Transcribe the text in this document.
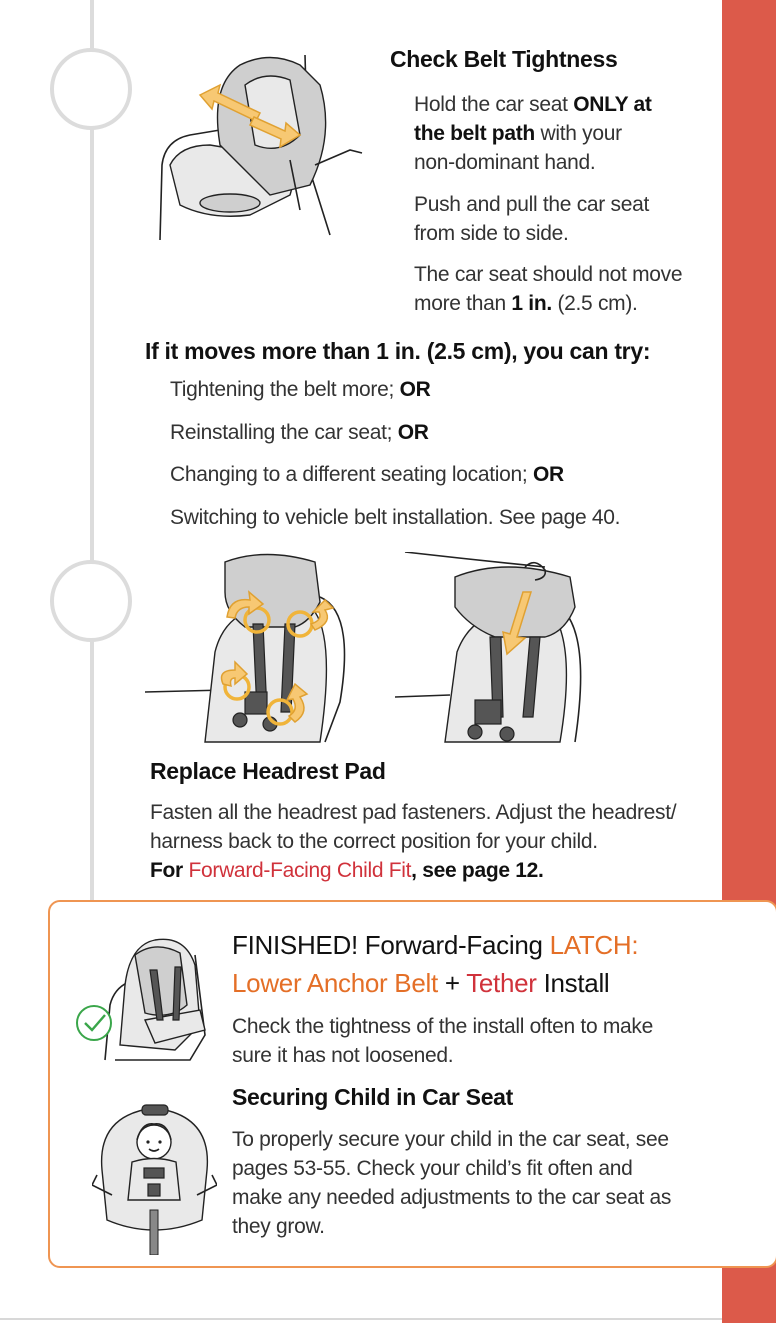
Check Belt Tightness
Hold the car seat ONLY at
the belt path with your
non-dominant hand.
Push and pull the car seat
from side to side.
The car seat should not move
more than 1 in. (2.5 cm).
If it moves more than 1 in. (2.5 cm), you can try:
Tightening the belt more; OR
Reinstalling the car seat; OR
Changing to a different seating location; OR
Switching to vehicle belt installation. See page 40.
Replace Headrest Pad
Fasten all the headrest pad fasteners. Adjust the headrest/
harness back to the correct position for your child.
For Forward-Facing Child Fit, see page 12.
FINISHED! Forward-Facing LATCH:
Lower Anchor Belt + Tether Install
Check the tightness of the install often to make
sure it has not loosened.
Securing Child in Car Seat
To properly secure your child in the car seat, see
pages 53-55. Check your child’s fit often and
make any needed adjustments to the car seat as
they grow.
